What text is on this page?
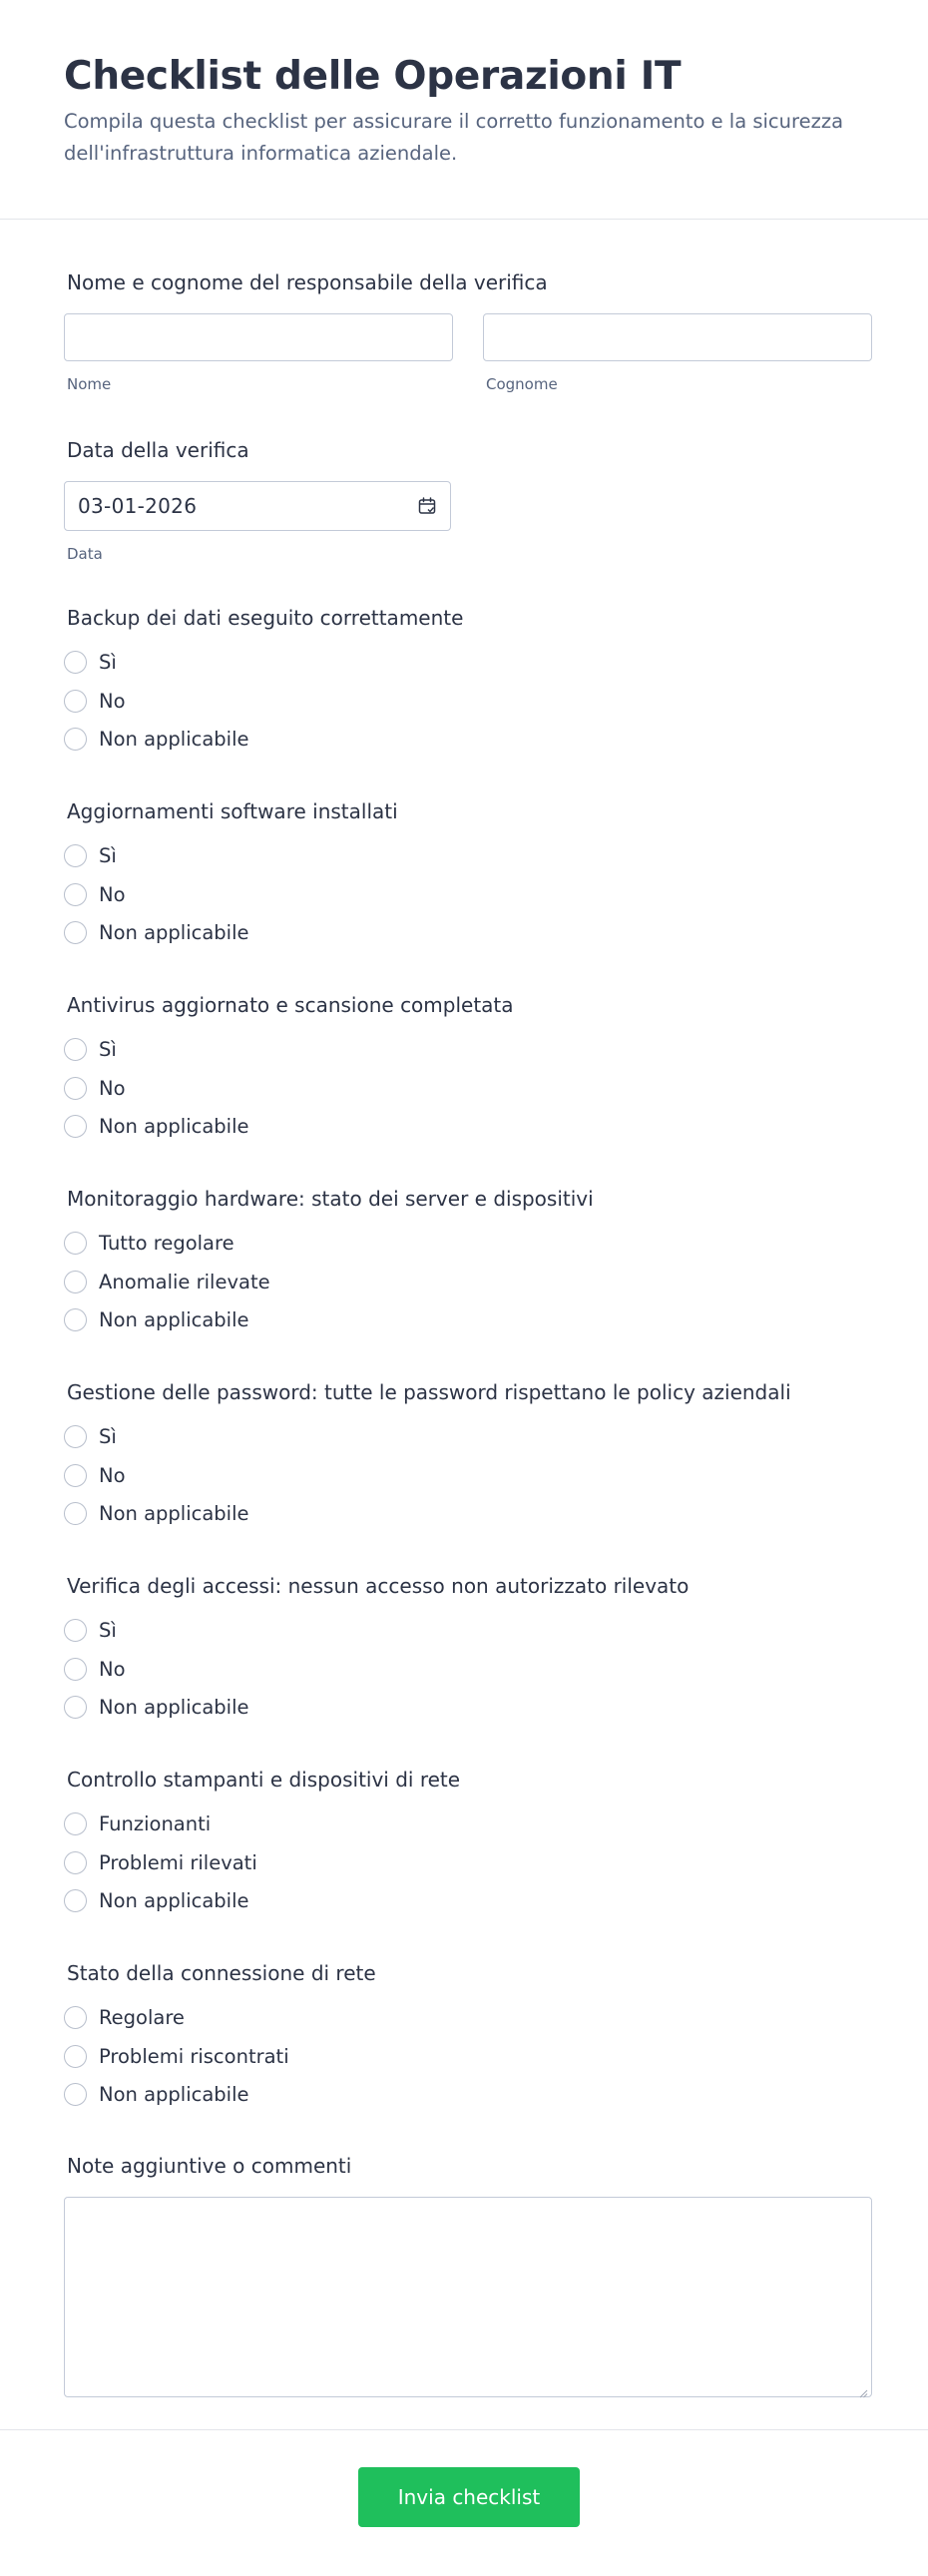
Checklist delle Operazioni IT
Compila questa checklist per assicurare il corretto funzionamento e la sicurezza dell'infrastruttura informatica aziendale.
Nome e cognome del responsabile della verifica
Nome	Cognome
Data della verifica
03-01-2026
Data
Backup dei dati eseguito correttamente
Sì
No
Non applicabile
Aggiornamenti software installati
Sì
No
Non applicabile
Antivirus aggiornato e scansione completata
Sì
No
Non applicabile
Monitoraggio hardware: stato dei server e dispositivi
Tutto regolare
Anomalie rilevate
Non applicabile
Gestione delle password: tutte le password rispettano le policy aziendali
Sì
No
Non applicabile
Verifica degli accessi: nessun accesso non autorizzato rilevato
Sì
No
Non applicabile
Controllo stampanti e dispositivi di rete
Funzionanti
Problemi rilevati
Non applicabile
Stato della connessione di rete
Regolare
Problemi riscontrati
Non applicabile
Note aggiuntive o commenti
Invia checklist
